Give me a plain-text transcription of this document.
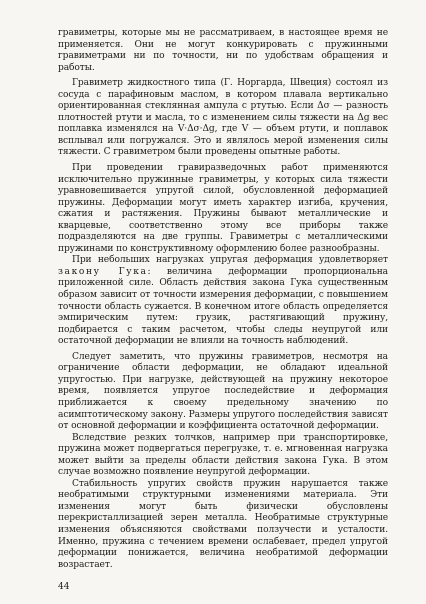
гравиметры, которые мы не рассматриваем, в настоящее время не применяется. Они не могут конкурировать с пружинными гравиметрами ни по точности, ни по удобствам обращения и работы.

Гравиметр жидкостного типа (Г. Норгарда, Швеция) состоял из сосуда с парафиновым маслом, в котором плавала вертикально ориентированная стеклянная ампула с ртутью. Если Δσ — разность плотностей ртути и масла, то с изменением силы тяжести на Δg вес поплавка изменялся на V·Δσ·Δg, где V — объем ртути, и поплавок всплывал или погружался. Это и являлось мерой изменения силы тяжести. С гравиметром были проведены опытные работы.

При проведении гравиразведочных работ применяются исключительно пружинные гравиметры, у которых сила тяжести уравновешивается упругой силой, обусловленной деформацией пружины. Деформации могут иметь характер изгиба, кручения, сжатия и растяжения. Пружины бывают металлические и кварцевые, соответственно этому все приборы также подразделяются на две группы. Гравиметры с металлическими пружинами по конструктивному оформлению более разнообразны.

При небольших нагрузках упругая деформация удовлетворяет закону Гука: величина деформации пропорциональна приложенной силе. Область действия закона Гука существенным образом зависит от точности измерения деформации, с повышением точности область сужается. В конечном итоге область определяется эмпирическим путем: грузик, растягивающий пружину, подбирается с таким расчетом, чтобы следы неупругой или остаточной деформации не влияли на точность наблюдений.

Следует заметить, что пружины гравиметров, несмотря на ограничение области деформации, не обладают идеальной упругостью. При нагрузке, действующей на пружину некоторое время, появляется упругое последействие и деформация приближается к своему предельному значению по асимптотическому закону. Размеры упругого последействия зависят от основной деформации и коэффициента остаточной деформации.

Вследствие резких толчков, например при транспортировке, пружина может подвергаться перегрузке, т. е. мгновенная нагрузка может выйти за пределы области действия закона Гука. В этом случае возможно появление неупругой деформации.

Стабильность упругих свойств пружин нарушается также необратимыми структурными изменениями материала. Эти изменения могут быть физически обусловлены перекристаллизацией зерен металла. Необратимые структурные изменения объясняются свойствами ползучести и усталости. Именно, пружина с течением времени ослабевает, предел упругой деформации понижается, величина необратимой деформации возрастает.

44
